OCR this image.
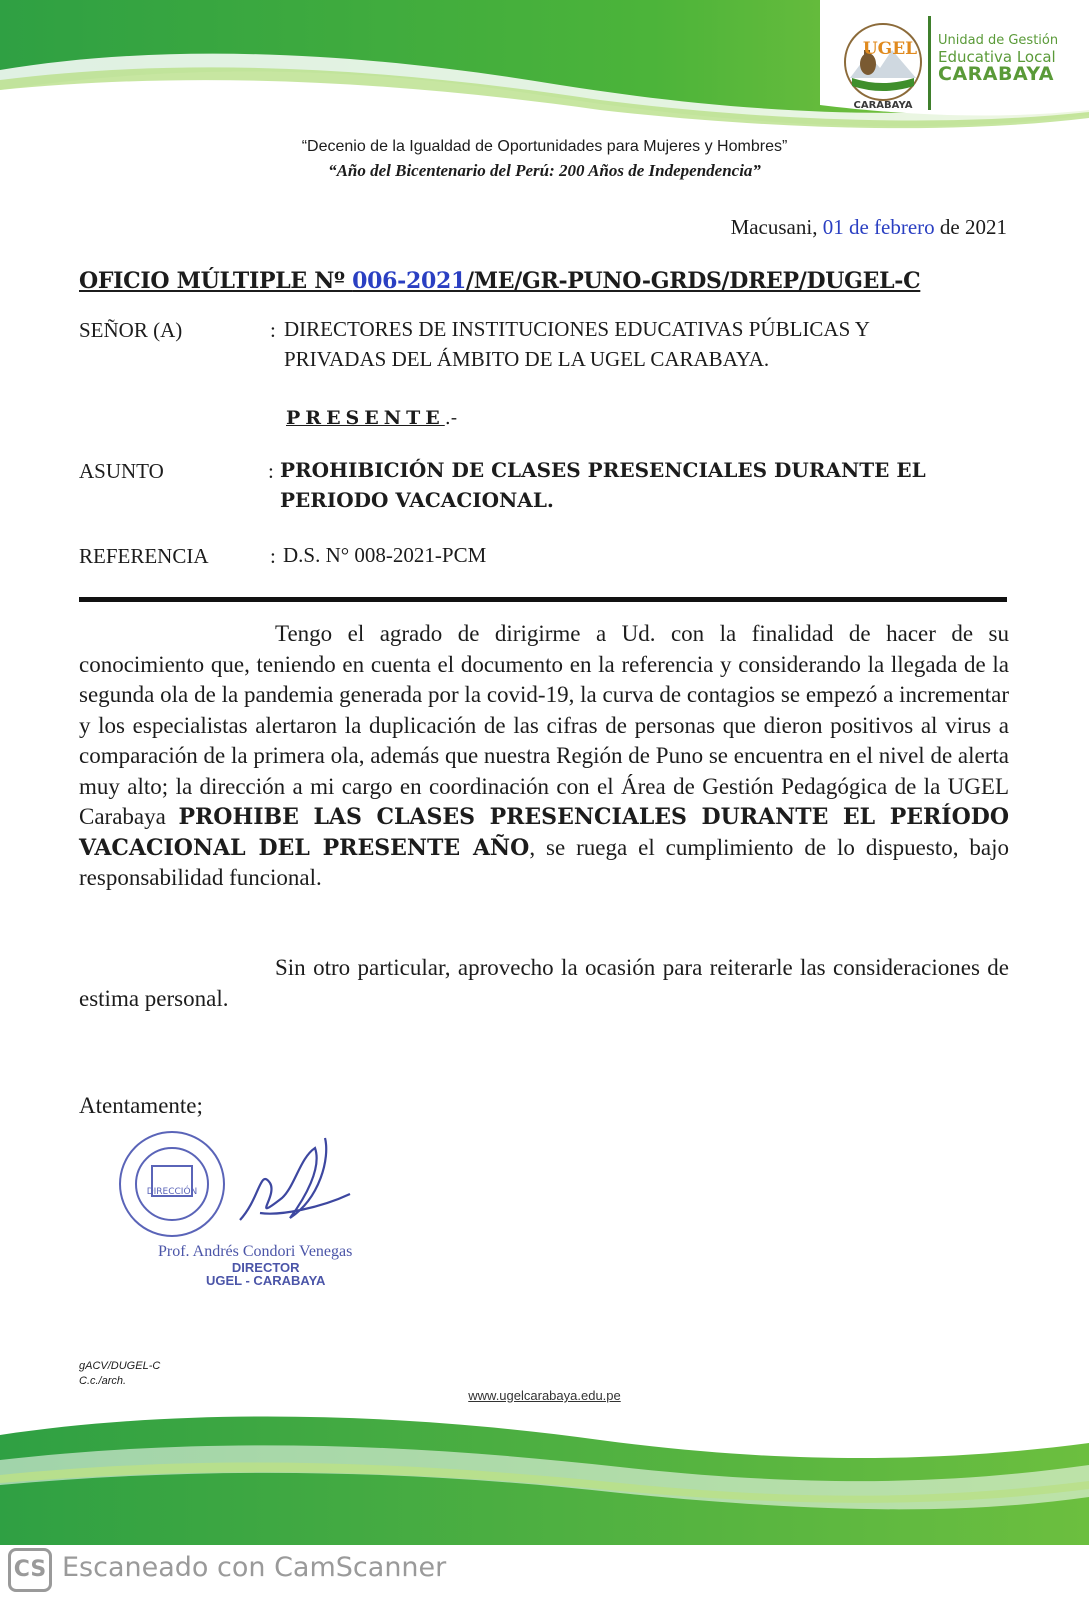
UGEL
CARABAYA
Unidad de Gestión
Educativa Local
CARABAYA
“Decenio de la Igualdad de Oportunidades para Mujeres y Hombres”
“Año del Bicentenario del Perú: 200 Años de Independencia”
Macusani, 01 de febrero de 2021
OFICIO MÚLTIPLE Nº 006-2021/ME/GR-PUNO-GRDS/DREP/DUGEL-C
SEÑOR (A)	: DIRECTORES DE INSTITUCIONES EDUCATIVAS PÚBLICAS Y
PRIVADAS DEL ÁMBITO DE LA UGEL CARABAYA.
PRESENTE.-
ASUNTO	: PROHIBICIÓN DE CLASES PRESENCIALES DURANTE EL
PERIODO VACACIONAL.
REFERENCIA	: D.S. N° 008-2021-PCM
Tengo el agrado de dirigirme a Ud. con la finalidad de hacer de su conocimiento que, teniendo en cuenta el documento en la referencia y considerando la llegada de la segunda ola de la pandemia generada por la covid-19, la curva de contagios se empezó a incrementar y los especialistas alertaron la duplicación de las cifras de personas que dieron positivos al virus a comparación de la primera ola, además que nuestra Región de Puno se encuentra en el nivel de alerta muy alto; la dirección a mi cargo en coordinación con el Área de Gestión Pedagógica de la UGEL Carabaya PROHIBE LAS CLASES PRESENCIALES DURANTE EL PERÍODO VACACIONAL DEL PRESENTE AÑO, se ruega el cumplimiento de lo dispuesto, bajo responsabilidad funcional.
Sin otro particular, aprovecho la ocasión para reiterarle las consideraciones de estima personal.
Atentamente;
DIRECCIÓN
Prof. Andrés Condori Venegas
DIRECTOR
UGEL - CARABAYA
gACV/DUGEL-C
C.c./arch.
www.ugelcarabaya.edu.pe
CS Escaneado con CamScanner
